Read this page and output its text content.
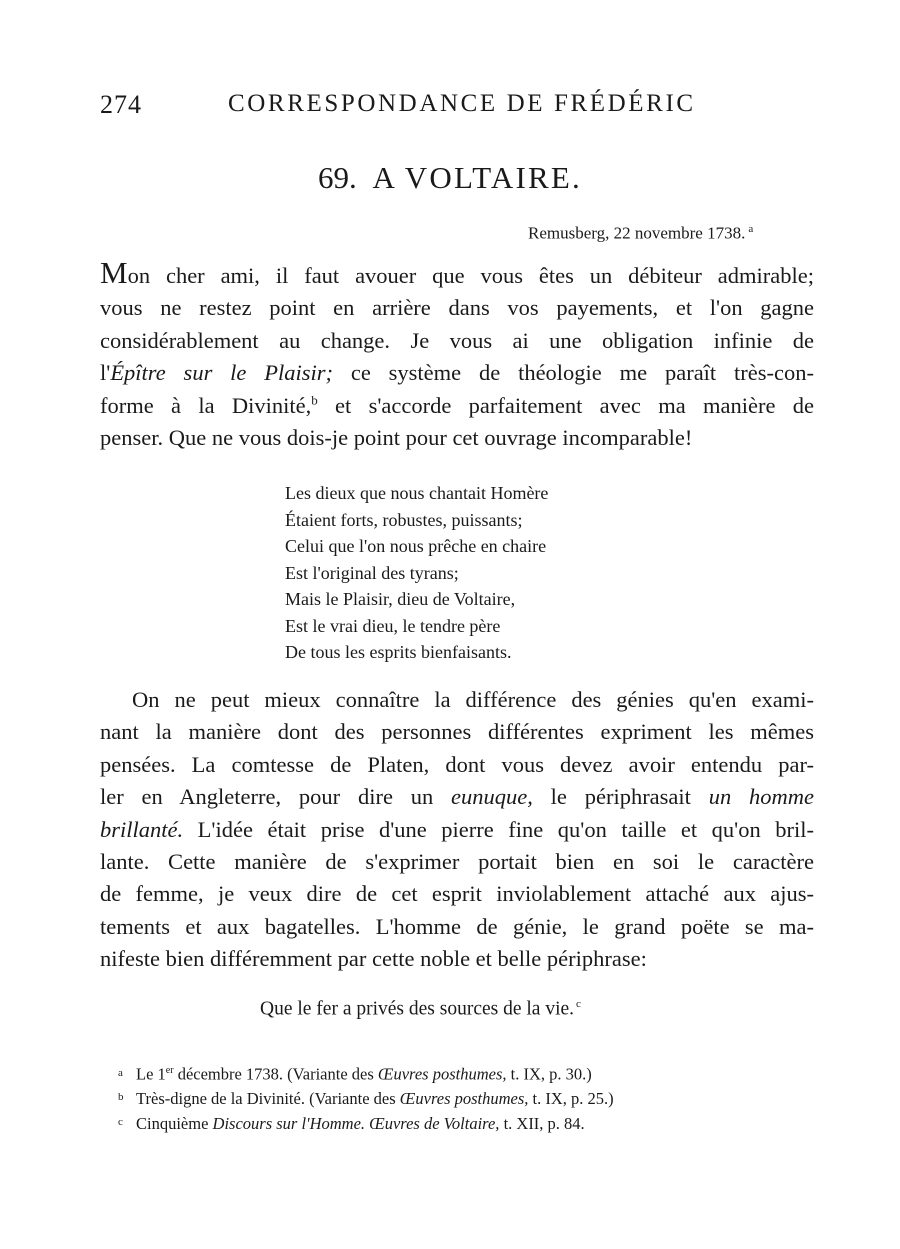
274	CORRESPONDANCE DE FRÉDÉRIC
69. A VOLTAIRE.
Remusberg, 22 novembre 1738. $^a$
Mon cher ami, il faut avouer que vous êtes un débiteur admirable;
vous ne restez point en arrière dans vos payements, et l'on gagne
considérablement au change. Je vous ai une obligation infinie de
l'Épître sur le Plaisir; ce système de théologie me paraît très-con-
forme à la Divinité,$^b$ et s'accorde parfaitement avec ma manière de
penser. Que ne vous dois-je point pour cet ouvrage incomparable!
Les dieux que nous chantait Homère
Étaient forts, robustes, puissants;
Celui que l'on nous prêche en chaire
Est l'original des tyrans;
Mais le Plaisir, dieu de Voltaire,
Est le vrai dieu, le tendre père
De tous les esprits bienfaisants.
On ne peut mieux connaître la différence des génies qu'en exami-
nant la manière dont des personnes différentes expriment les mêmes
pensées. La comtesse de Platen, dont vous devez avoir entendu par-
ler en Angleterre, pour dire un eunuque, le périphrasait un homme
brillanté. L'idée était prise d'une pierre fine qu'on taille et qu'on bril-
lante. Cette manière de s'exprimer portait bien en soi le caractère
de femme, je veux dire de cet esprit inviolablement attaché aux ajus-
tements et aux bagatelles. L'homme de génie, le grand poëte se ma-
nifeste bien différemment par cette noble et belle périphrase:
Que le fer a privés des sources de la vie. $^c$
a Le 1er décembre 1738. (Variante des Œuvres posthumes, t. IX, p. 30.)
b Très-digne de la Divinité. (Variante des Œuvres posthumes, t. IX, p. 25.)
c Cinquième Discours sur l'Homme. Œuvres de Voltaire, t. XII, p. 84.
